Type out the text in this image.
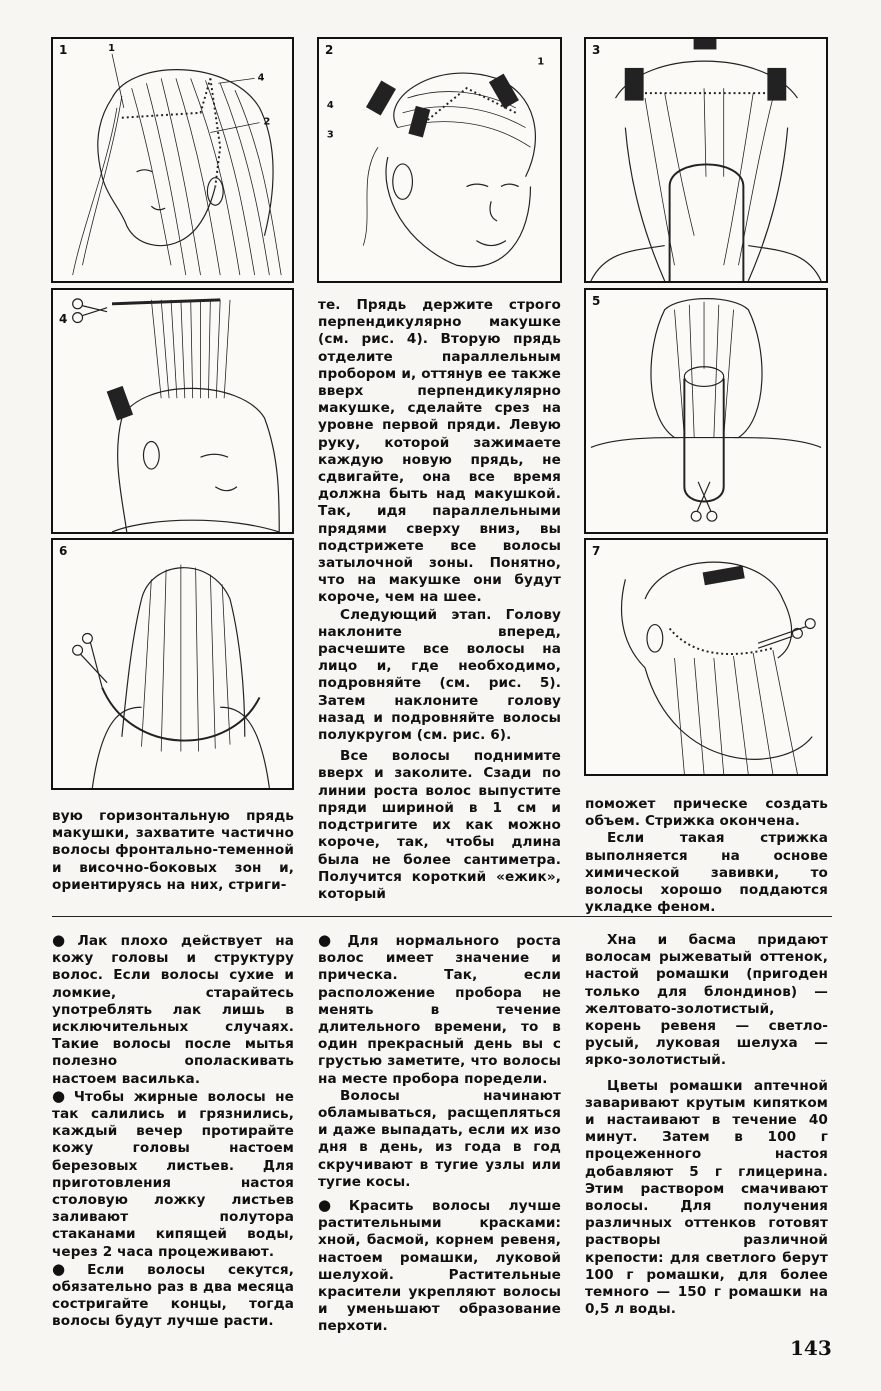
1	1
2
4
2
1
3
4
3
4
5
6	7

те. Прядь держите строго перпендикулярно макушке (см. рис. 4). Вторую прядь отделите параллельным пробором и, оттянув ее также вверх перпендикулярно макушке, сделайте срез на уровне первой пряди. Левую руку, которой зажимаете каждую новую прядь, не сдвигайте, она все время должна быть над макушкой. Так, идя параллельными прядями сверху вниз, вы подстрижете все волосы затылочной зоны. Понятно, что на макушке они будут короче, чем на шее.

Следующий этап. Голову наклоните вперед, расчешите все волосы на лицо и, где необходимо, подровняйте (см. рис. 5). Затем наклоните голову назад и подровняйте волосы полукругом (см. рис. 6).

Все волосы поднимите вверх и заколите. Сзади по линии роста волос выпустите пряди шириной в 1 см и подстригите их как можно короче, так, чтобы длина была не более сантиметра. Получится короткий «ежик», который

вую горизонтальную прядь макушки, захватите частично волосы фронтально-теменной и височно-боковых зон и, ориентируясь на них, стриги-

поможет прическе создать объем. Стрижка окончена.

Если такая стрижка выполняется на основе химической завивки, то волосы хорошо поддаются укладке феном.

● Лак плохо действует на кожу головы и структуру волос. Если волосы сухие и ломкие, старайтесь употреблять лак лишь в исключительных случаях. Такие волосы после мытья полезно ополаскивать настоем василька.

● Чтобы жирные волосы не так салились и грязнились, каждый вечер протирайте кожу головы настоем березовых листьев. Для приготовления настоя столовую ложку листьев заливают полутора стаканами кипящей воды, через 2 часа процеживают.

● Если волосы секутся, обязательно раз в два месяца состригайте концы, тогда волосы будут лучше расти.

● Для нормального роста волос имеет значение и прическа. Так, если расположение пробора не менять в течение длительного времени, то в один прекрасный день вы с грустью заметите, что волосы на месте пробора поредели.

Волосы начинают обламываться, расщепляться и даже выпадать, если их изо дня в день, из года в год скручивают в тугие узлы или тугие косы.

● Красить волосы лучше растительными красками: хной, басмой, корнем ревеня, настоем ромашки, луковой шелухой. Растительные красители укрепляют волосы и уменьшают образование перхоти.

Хна и басма придают волосам рыжеватый оттенок, настой ромашки (пригоден только для блондинов) — желтовато-золотистый, корень ревеня — светло-русый, луковая шелуха — ярко-золотистый.

Цветы ромашки аптечной заваривают крутым кипятком и настаивают в течение 40 минут. Затем в 100 г процеженного настоя добавляют 5 г глицерина. Этим раствором смачивают волосы. Для получения различных оттенков готовят растворы различной крепости: для светлого берут 100 г ромашки, для более темного — 150 г ромашки на 0,5 л воды.

143
